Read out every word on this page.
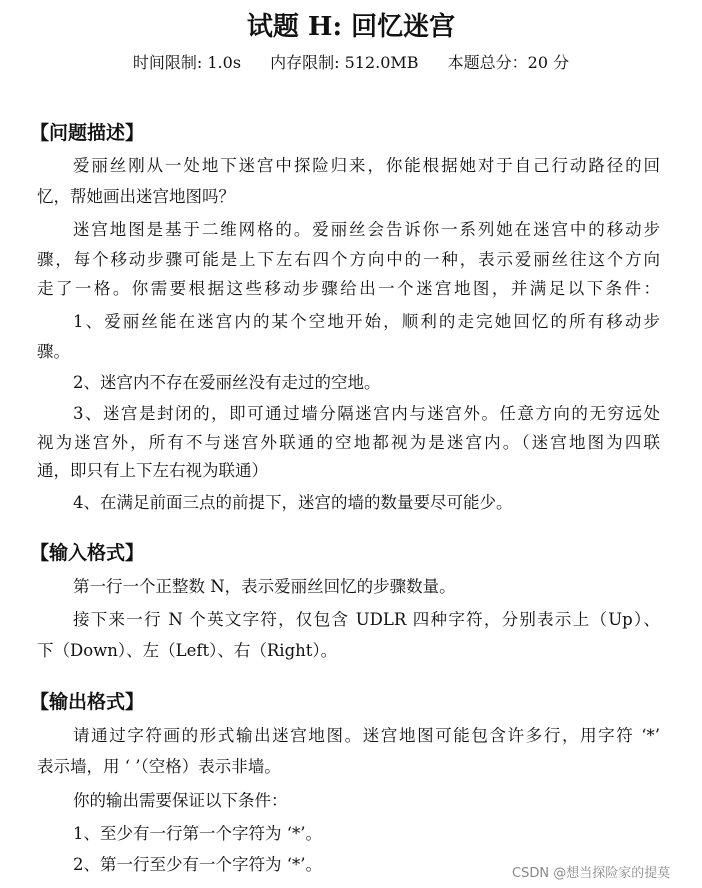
试题 H: 回忆迷宫
时间限制: 1.0s 内存限制: 512.0MB 本题总分：20 分
【问题描述】
爱丽丝刚从一处地下迷宫中探险归来，你能根据她对于自己行动路径的回
忆，帮她画出迷宫地图吗？
迷宫地图是基于二维网格的。爱丽丝会告诉你一系列她在迷宫中的移动步
骤，每个移动步骤可能是上下左右四个方向中的一种，表示爱丽丝往这个方向
走了一格。你需要根据这些移动步骤给出一个迷宫地图，并满足以下条件：
1、爱丽丝能在迷宫内的某个空地开始，顺利的走完她回忆的所有移动步
骤。
2、迷宫内不存在爱丽丝没有走过的空地。
3、迷宫是封闭的，即可通过墙分隔迷宫内与迷宫外。任意方向的无穷远处
视为迷宫外，所有不与迷宫外联通的空地都视为是迷宫内。（迷宫地图为四联
通，即只有上下左右视为联通）
4、在满足前面三点的前提下，迷宫的墙的数量要尽可能少。
【输入格式】
第一行一个正整数 N，表示爱丽丝回忆的步骤数量。
接下来一行 N 个英文字符，仅包含 UDLR 四种字符，分别表示上（Up）、
下（Down）、左（Left）、右（Right）。
【输出格式】
请通过字符画的形式输出迷宫地图。迷宫地图可能包含许多行，用字符 ‘*’
表示墙，用 ‘ ’（空格）表示非墙。
你的输出需要保证以下条件：
1、至少有一行第一个字符为 ‘*’。
2、第一行至少有一个字符为 ‘*’。	CSDN @想当探险家的提莫
